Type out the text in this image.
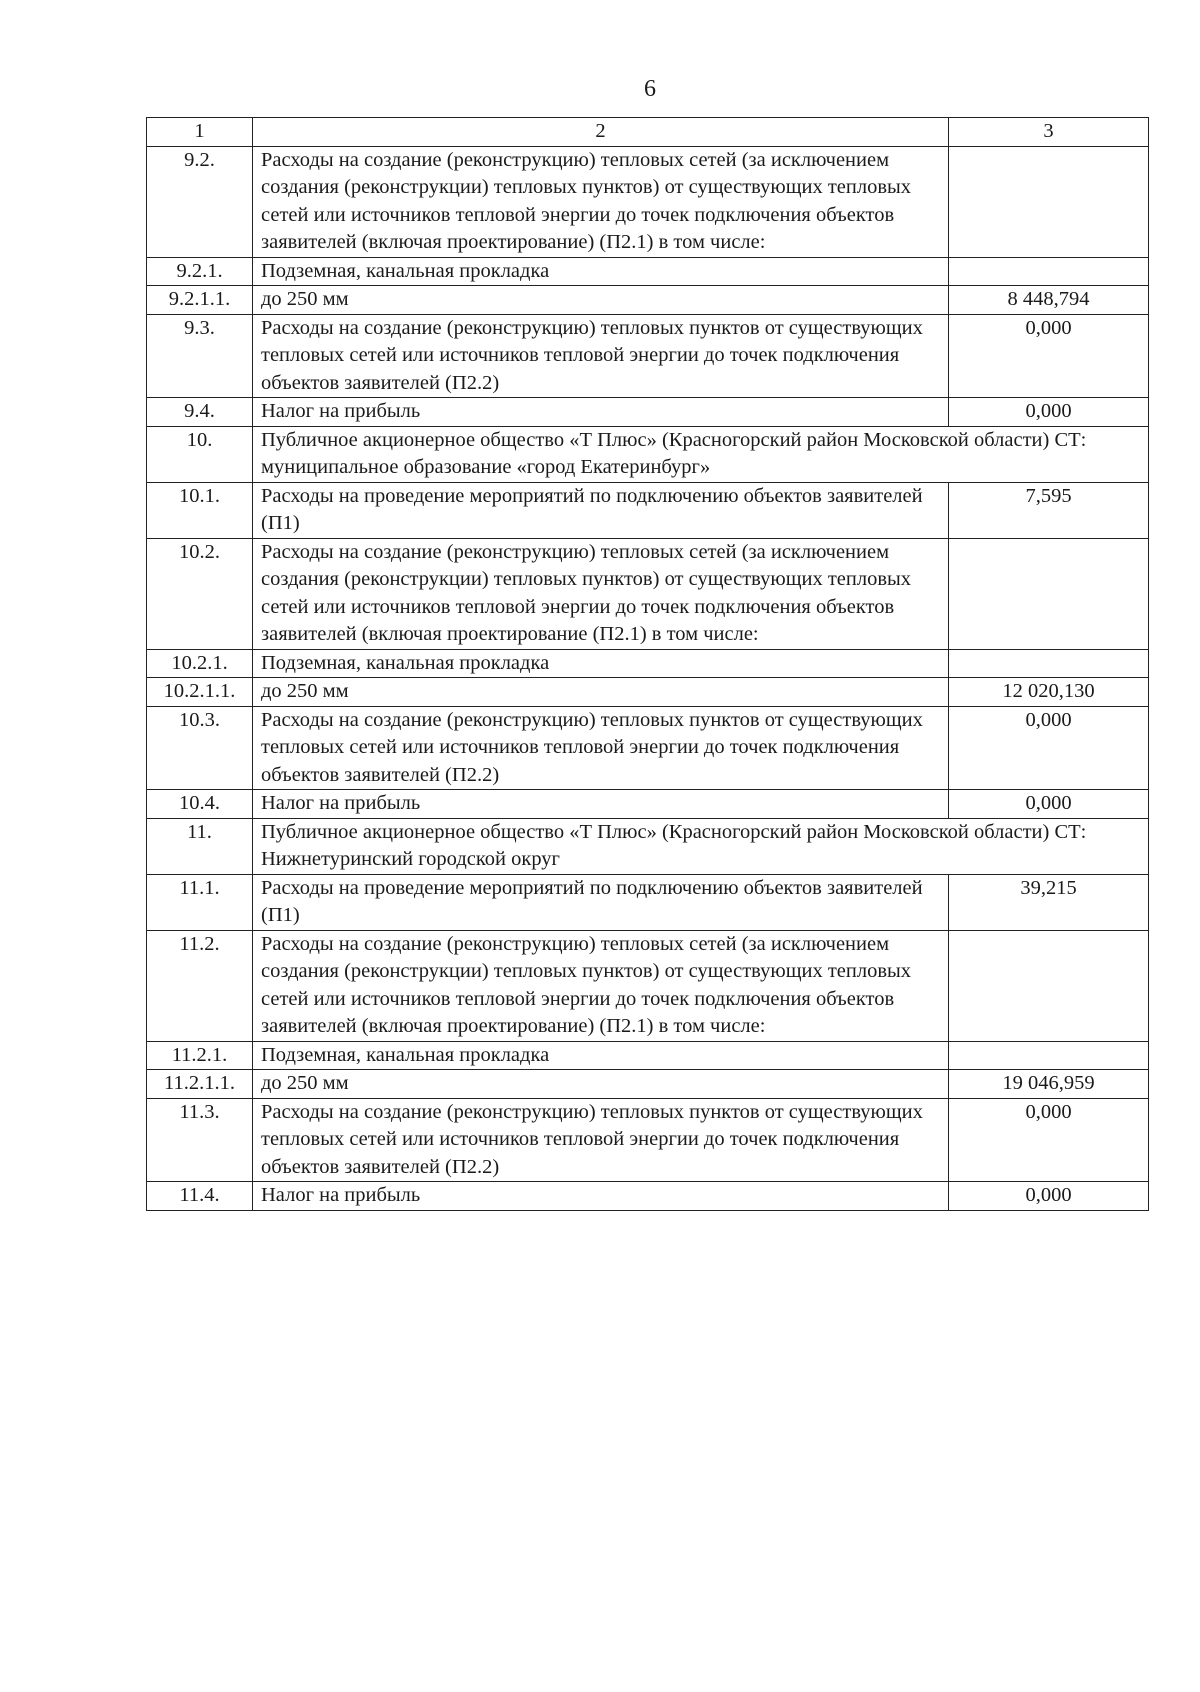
6
1	2	3
9.2.	Расходы на создание (реконструкцию) тепловых сетей (за исключением создания (реконструкции) тепловых пунктов) от существующих тепловых сетей или источников тепловой энергии до точек подключения объектов заявителей (включая проектирование) (П2.1) в том числе:	
9.2.1.	Подземная, канальная прокладка	
9.2.1.1.	до 250 мм	8 448,794
9.3.	Расходы на создание (реконструкцию) тепловых пунктов от существующих тепловых сетей или источников тепловой энергии до точек подключения объектов заявителей (П2.2)	0,000
9.4.	Налог на прибыль	0,000
10.	Публичное акционерное общество «Т Плюс» (Красногорский район Московской области) СТ: муниципальное образование «город Екатеринбург»	
10.1.	Расходы на проведение мероприятий по подключению объектов заявителей (П1)	7,595
10.2.	Расходы на создание (реконструкцию) тепловых сетей (за исключением создания (реконструкции) тепловых пунктов) от существующих тепловых сетей или источников тепловой энергии до точек подключения объектов заявителей (включая проектирование (П2.1) в том числе:	
10.2.1.	Подземная, канальная прокладка	
10.2.1.1.	до 250 мм	12 020,130
10.3.	Расходы на создание (реконструкцию) тепловых пунктов от существующих тепловых сетей или источников тепловой энергии до точек подключения объектов заявителей (П2.2)	0,000
10.4.	Налог на прибыль	0,000
11.	Публичное акционерное общество «Т Плюс» (Красногорский район Московской области) СТ: Нижнетуринский городской округ	
11.1.	Расходы на проведение мероприятий по подключению объектов заявителей (П1)	39,215
11.2.	Расходы на создание (реконструкцию) тепловых сетей (за исключением создания (реконструкции) тепловых пунктов) от существующих тепловых сетей или источников тепловой энергии до точек подключения объектов заявителей (включая проектирование) (П2.1) в том числе:	
11.2.1.	Подземная, канальная прокладка	
11.2.1.1.	до 250 мм	19 046,959
11.3.	Расходы на создание (реконструкцию) тепловых пунктов от существующих тепловых сетей или источников тепловой энергии до точек подключения объектов заявителей (П2.2)	0,000
11.4.	Налог на прибыль	0,000
